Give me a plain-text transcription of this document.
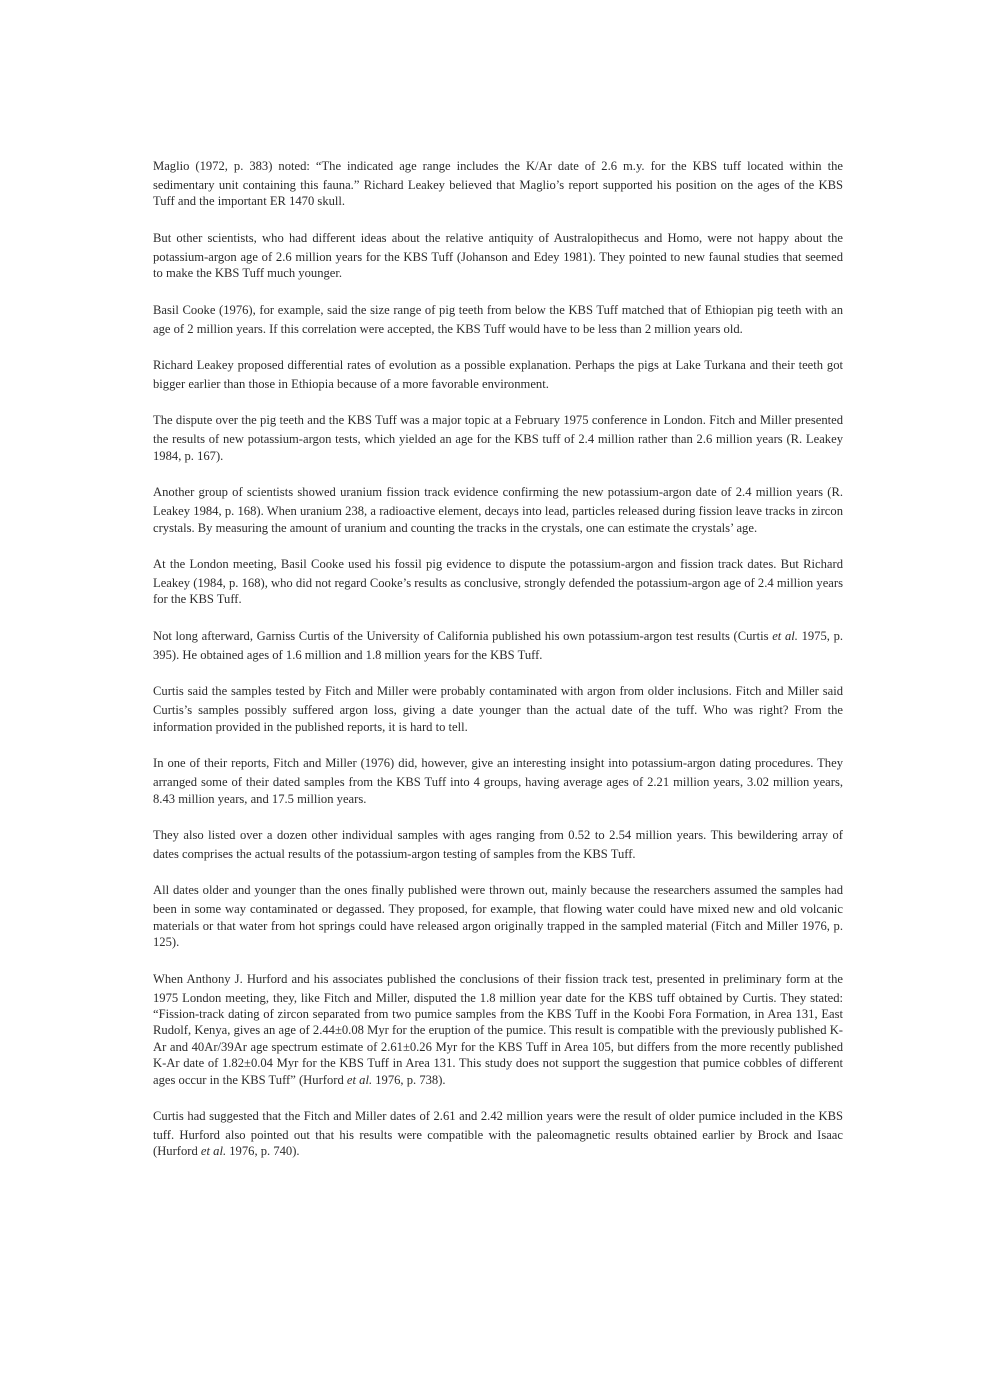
Maglio (1972, p. 383) noted: “The indicated age range includes the K/Ar date of 2.6 m.y. for the KBS tuff located within the sedimentary unit containing this fauna.” Richard Leakey believed that Maglio’s report supported his position on the ages of the KBS Tuff and the important ER 1470 skull.

But other scientists, who had different ideas about the relative antiquity of Australopithecus and Homo, were not happy about the potassium-argon age of 2.6 million years for the KBS Tuff (Johanson and Edey 1981). They pointed to new faunal studies that seemed to make the KBS Tuff much younger.

Basil Cooke (1976), for example, said the size range of pig teeth from below the KBS Tuff matched that of Ethiopian pig teeth with an age of 2 million years. If this correlation were accepted, the KBS Tuff would have to be less than 2 million years old.

Richard Leakey proposed differential rates of evolution as a possible explanation. Perhaps the pigs at Lake Turkana and their teeth got bigger earlier than those in Ethiopia because of a more favorable environment.

The dispute over the pig teeth and the KBS Tuff was a major topic at a February 1975 conference in London. Fitch and Miller presented the results of new potassium-argon tests, which yielded an age for the KBS tuff of 2.4 million rather than 2.6 million years (R. Leakey 1984, p. 167).

Another group of scientists showed uranium fission track evidence confirming the new potassium-argon date of 2.4 million years (R. Leakey 1984, p. 168). When uranium 238, a radioactive element, decays into lead, particles released during fission leave tracks in zircon crystals. By measuring the amount of uranium and counting the tracks in the crystals, one can estimate the crystals’ age.

At the London meeting, Basil Cooke used his fossil pig evidence to dispute the potassium-argon and fission track dates. But Richard Leakey (1984, p. 168), who did not regard Cooke’s results as conclusive, strongly defended the potassium-argon age of 2.4 million years for the KBS Tuff.

Not long afterward, Garniss Curtis of the University of California published his own potassium-argon test results (Curtis et al. 1975, p. 395). He obtained ages of 1.6 million and 1.8 million years for the KBS Tuff.

Curtis said the samples tested by Fitch and Miller were probably contaminated with argon from older inclusions. Fitch and Miller said Curtis’s samples possibly suffered argon loss, giving a date younger than the actual date of the tuff. Who was right? From the information provided in the published reports, it is hard to tell.

In one of their reports, Fitch and Miller (1976) did, however, give an interesting insight into potassium-argon dating procedures. They arranged some of their dated samples from the KBS Tuff into 4 groups, having average ages of 2.21 million years, 3.02 million years, 8.43 million years, and 17.5 million years.

They also listed over a dozen other individual samples with ages ranging from 0.52 to 2.54 million years. This bewildering array of dates comprises the actual results of the potassium-argon testing of samples from the KBS Tuff.

All dates older and younger than the ones finally published were thrown out, mainly because the researchers assumed the samples had been in some way contaminated or degassed. They proposed, for example, that flowing water could have mixed new and old volcanic materials or that water from hot springs could have released argon originally trapped in the sampled material (Fitch and Miller 1976, p. 125).

When Anthony J. Hurford and his associates published the conclusions of their fission track test, presented in preliminary form at the 1975 London meeting, they, like Fitch and Miller, disputed the 1.8 million year date for the KBS tuff obtained by Curtis. They stated: “Fission-track dating of zircon separated from two pumice samples from the KBS Tuff in the Koobi Fora Formation, in Area 131, East Rudolf, Kenya, gives an age of 2.44±0.08 Myr for the eruption of the pumice. This result is compatible with the previously published K-Ar and 40Ar/39Ar age spectrum estimate of 2.61±0.26 Myr for the KBS Tuff in Area 105, but differs from the more recently published K-Ar date of 1.82±0.04 Myr for the KBS Tuff in Area 131. This study does not support the suggestion that pumice cobbles of different ages occur in the KBS Tuff” (Hurford et al. 1976, p. 738).

Curtis had suggested that the Fitch and Miller dates of 2.61 and 2.42 million years were the result of older pumice included in the KBS tuff. Hurford also pointed out that his results were compatible with the paleomagnetic results obtained earlier by Brock and Isaac (Hurford et al. 1976, p. 740).
